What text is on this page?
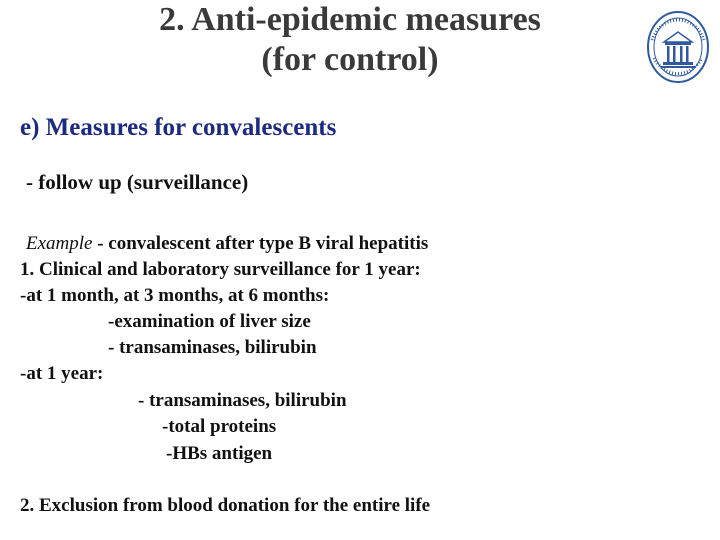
2. Anti-epidemic measures
(for control)
e) Measures for convalescents
- follow up (surveillance)
Example - convalescent after type B viral hepatitis
1. Clinical and laboratory surveillance for 1 year:
-at 1 month, at 3 months, at 6 months:
-examination of liver size
- transaminases, bilirubin
-at 1 year:
- transaminases, bilirubin
-total proteins
-HBs antigen
2. Exclusion from blood donation for the entire life
